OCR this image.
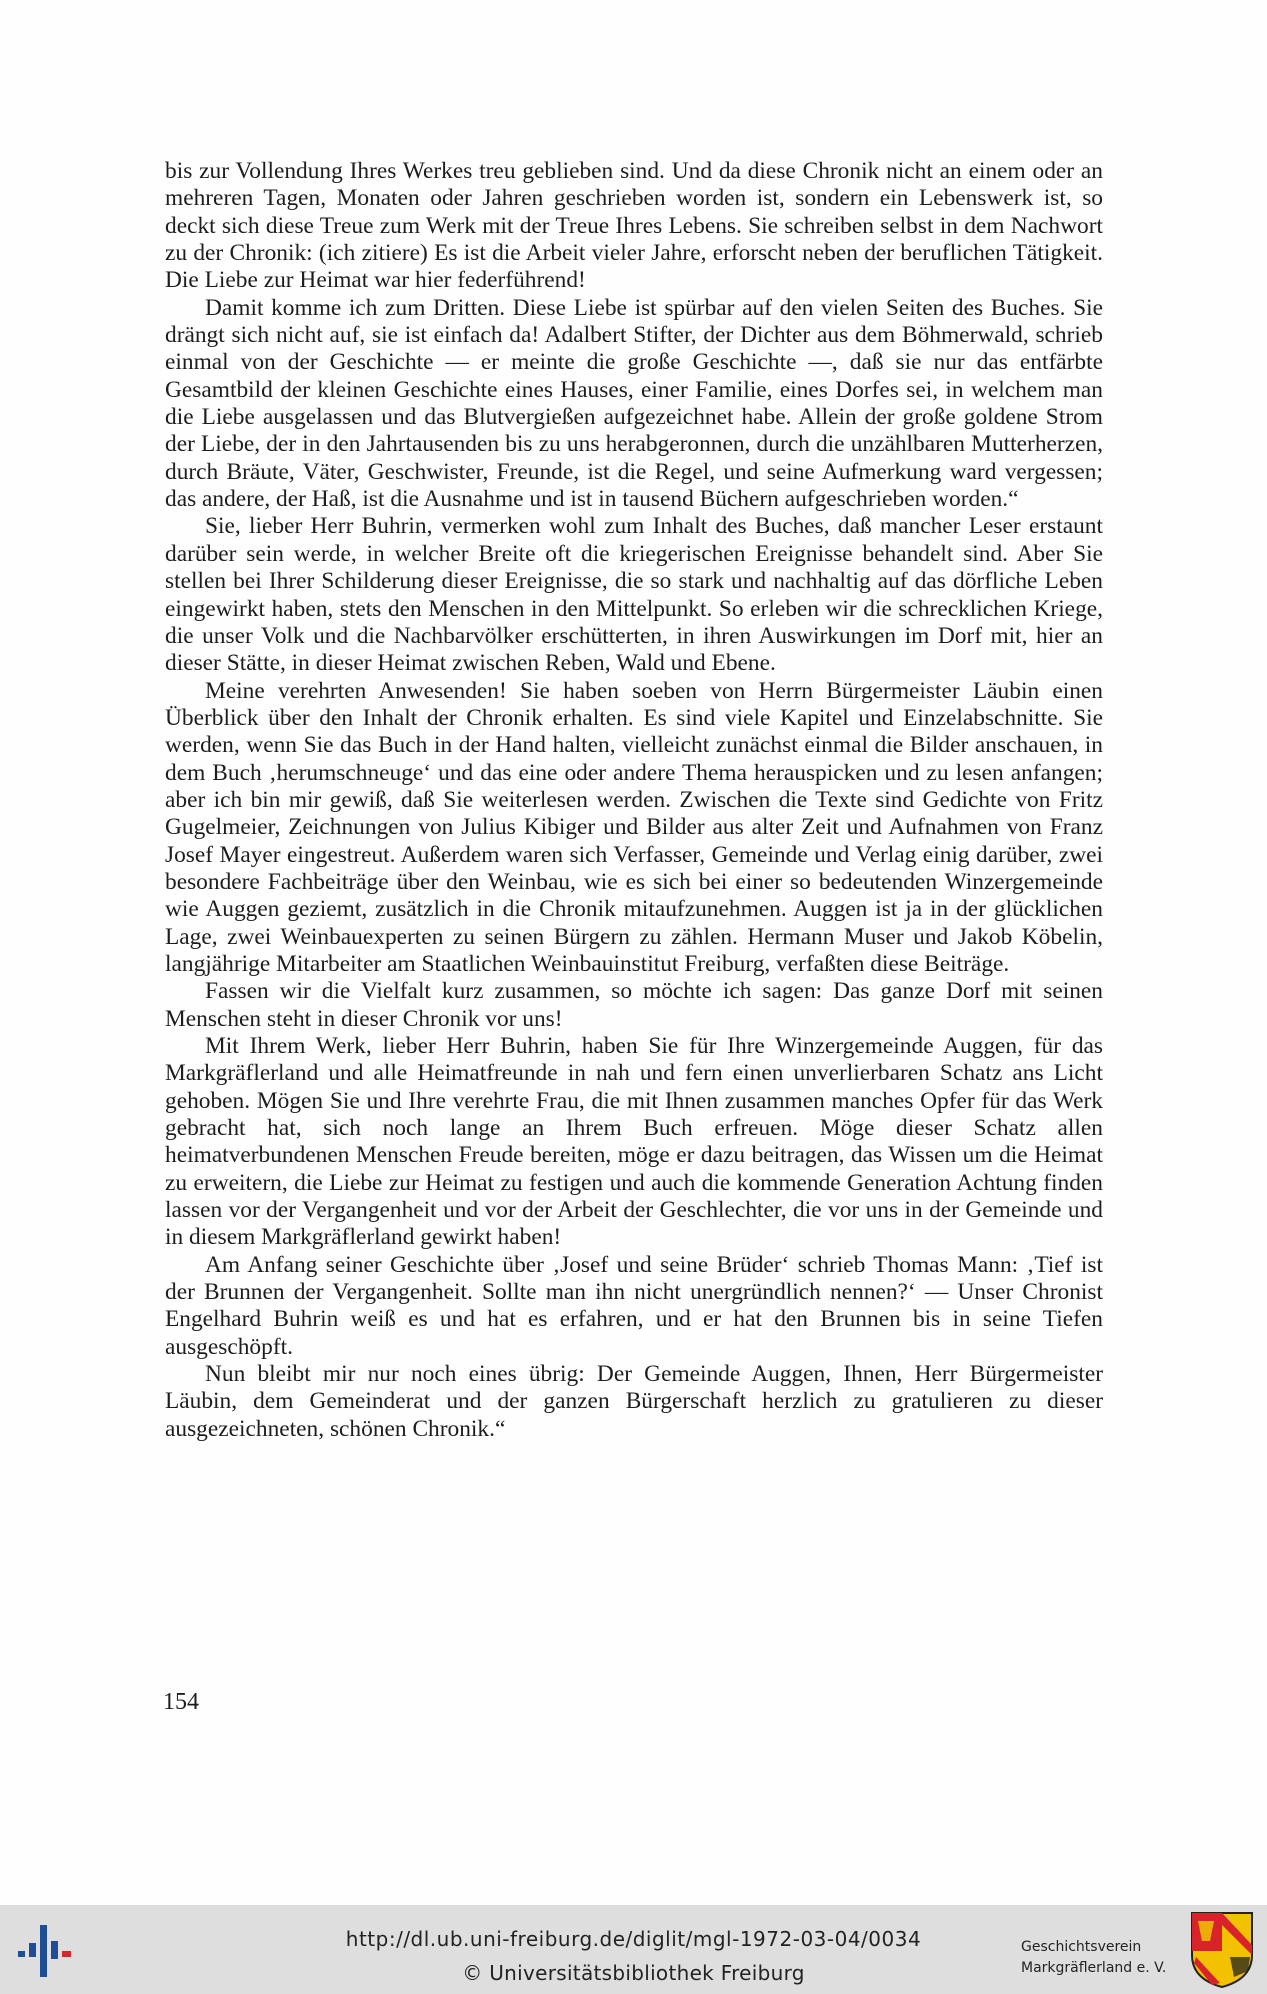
bis zur Vollendung Ihres Werkes treu geblieben sind. Und da diese Chronik nicht an einem oder an mehreren Tagen, Monaten oder Jahren geschrieben worden ist, sondern ein Lebenswerk ist, so deckt sich diese Treue zum Werk mit der Treue Ihres Lebens. Sie schreiben selbst in dem Nachwort zu der Chronik: (ich zitiere) Es ist die Arbeit vieler Jahre, erforscht neben der beruflichen Tätigkeit. Die Liebe zur Heimat war hier federführend!

Damit komme ich zum Dritten. Diese Liebe ist spürbar auf den vielen Seiten des Buches. Sie drängt sich nicht auf, sie ist einfach da! Adalbert Stifter, der Dichter aus dem Böhmerwald, schrieb einmal von der Geschichte — er meinte die große Geschichte —, daß sie nur das entfärbte Gesamtbild der kleinen Geschichte eines Hauses, einer Familie, eines Dorfes sei, in welchem man die Liebe ausgelassen und das Blutvergießen aufgezeichnet habe. Allein der große goldene Strom der Liebe, der in den Jahrtausenden bis zu uns herabgeronnen, durch die unzählbaren Mutterherzen, durch Bräute, Väter, Geschwister, Freunde, ist die Regel, und seine Aufmerkung ward vergessen; das andere, der Haß, ist die Ausnahme und ist in tausend Büchern aufgeschrieben worden.“

Sie, lieber Herr Buhrin, vermerken wohl zum Inhalt des Buches, daß mancher Leser erstaunt darüber sein werde, in welcher Breite oft die kriegerischen Ereignisse behandelt sind. Aber Sie stellen bei Ihrer Schilderung dieser Ereignisse, die so stark und nachhaltig auf das dörfliche Leben eingewirkt haben, stets den Menschen in den Mittelpunkt. So erleben wir die schrecklichen Kriege, die unser Volk und die Nachbarvölker erschütterten, in ihren Auswirkungen im Dorf mit, hier an dieser Stätte, in dieser Heimat zwischen Reben, Wald und Ebene.

Meine verehrten Anwesenden! Sie haben soeben von Herrn Bürgermeister Läubin einen Überblick über den Inhalt der Chronik erhalten. Es sind viele Kapitel und Einzelabschnitte. Sie werden, wenn Sie das Buch in der Hand halten, vielleicht zunächst einmal die Bilder anschauen, in dem Buch ‚herumschneuge‘ und das eine oder andere Thema herauspicken und zu lesen anfangen; aber ich bin mir gewiß, daß Sie weiterlesen werden. Zwischen die Texte sind Gedichte von Fritz Gugelmeier, Zeichnungen von Julius Kibiger und Bilder aus alter Zeit und Aufnahmen von Franz Josef Mayer eingestreut. Außerdem waren sich Verfasser, Gemeinde und Verlag einig darüber, zwei besondere Fachbeiträge über den Weinbau, wie es sich bei einer so bedeutenden Winzergemeinde wie Auggen geziemt, zusätzlich in die Chronik mitaufzunehmen. Auggen ist ja in der glücklichen Lage, zwei Weinbauexperten zu seinen Bürgern zu zählen. Hermann Muser und Jakob Köbelin, langjährige Mitarbeiter am Staatlichen Weinbauinstitut Freiburg, verfaßten diese Beiträge.

Fassen wir die Vielfalt kurz zusammen, so möchte ich sagen: Das ganze Dorf mit seinen Menschen steht in dieser Chronik vor uns!

Mit Ihrem Werk, lieber Herr Buhrin, haben Sie für Ihre Winzergemeinde Auggen, für das Markgräflerland und alle Heimatfreunde in nah und fern einen unverlierbaren Schatz ans Licht gehoben. Mögen Sie und Ihre verehrte Frau, die mit Ihnen zusammen manches Opfer für das Werk gebracht hat, sich noch lange an Ihrem Buch erfreuen. Möge dieser Schatz allen heimatverbundenen Menschen Freude bereiten, möge er dazu beitragen, das Wissen um die Heimat zu erweitern, die Liebe zur Heimat zu festigen und auch die kommende Generation Achtung finden lassen vor der Vergangenheit und vor der Arbeit der Geschlechter, die vor uns in der Gemeinde und in diesem Markgräflerland gewirkt haben!

Am Anfang seiner Geschichte über ‚Josef und seine Brüder‘ schrieb Thomas Mann: ‚Tief ist der Brunnen der Vergangenheit. Sollte man ihn nicht unergründlich nennen?‘ — Unser Chronist Engelhard Buhrin weiß es und hat es erfahren, und er hat den Brunnen bis in seine Tiefen ausgeschöpft.

Nun bleibt mir nur noch eines übrig: Der Gemeinde Auggen, Ihnen, Herr Bürgermeister Läubin, dem Gemeinderat und der ganzen Bürgerschaft herzlich zu gratulieren zu dieser ausgezeichneten, schönen Chronik.“

154
http://dl.ub.uni-freiburg.de/diglit/mgl-1972-03-04/0034
© Universitätsbibliothek Freiburg
Geschichtsverein
Markgräflerland e. V.
